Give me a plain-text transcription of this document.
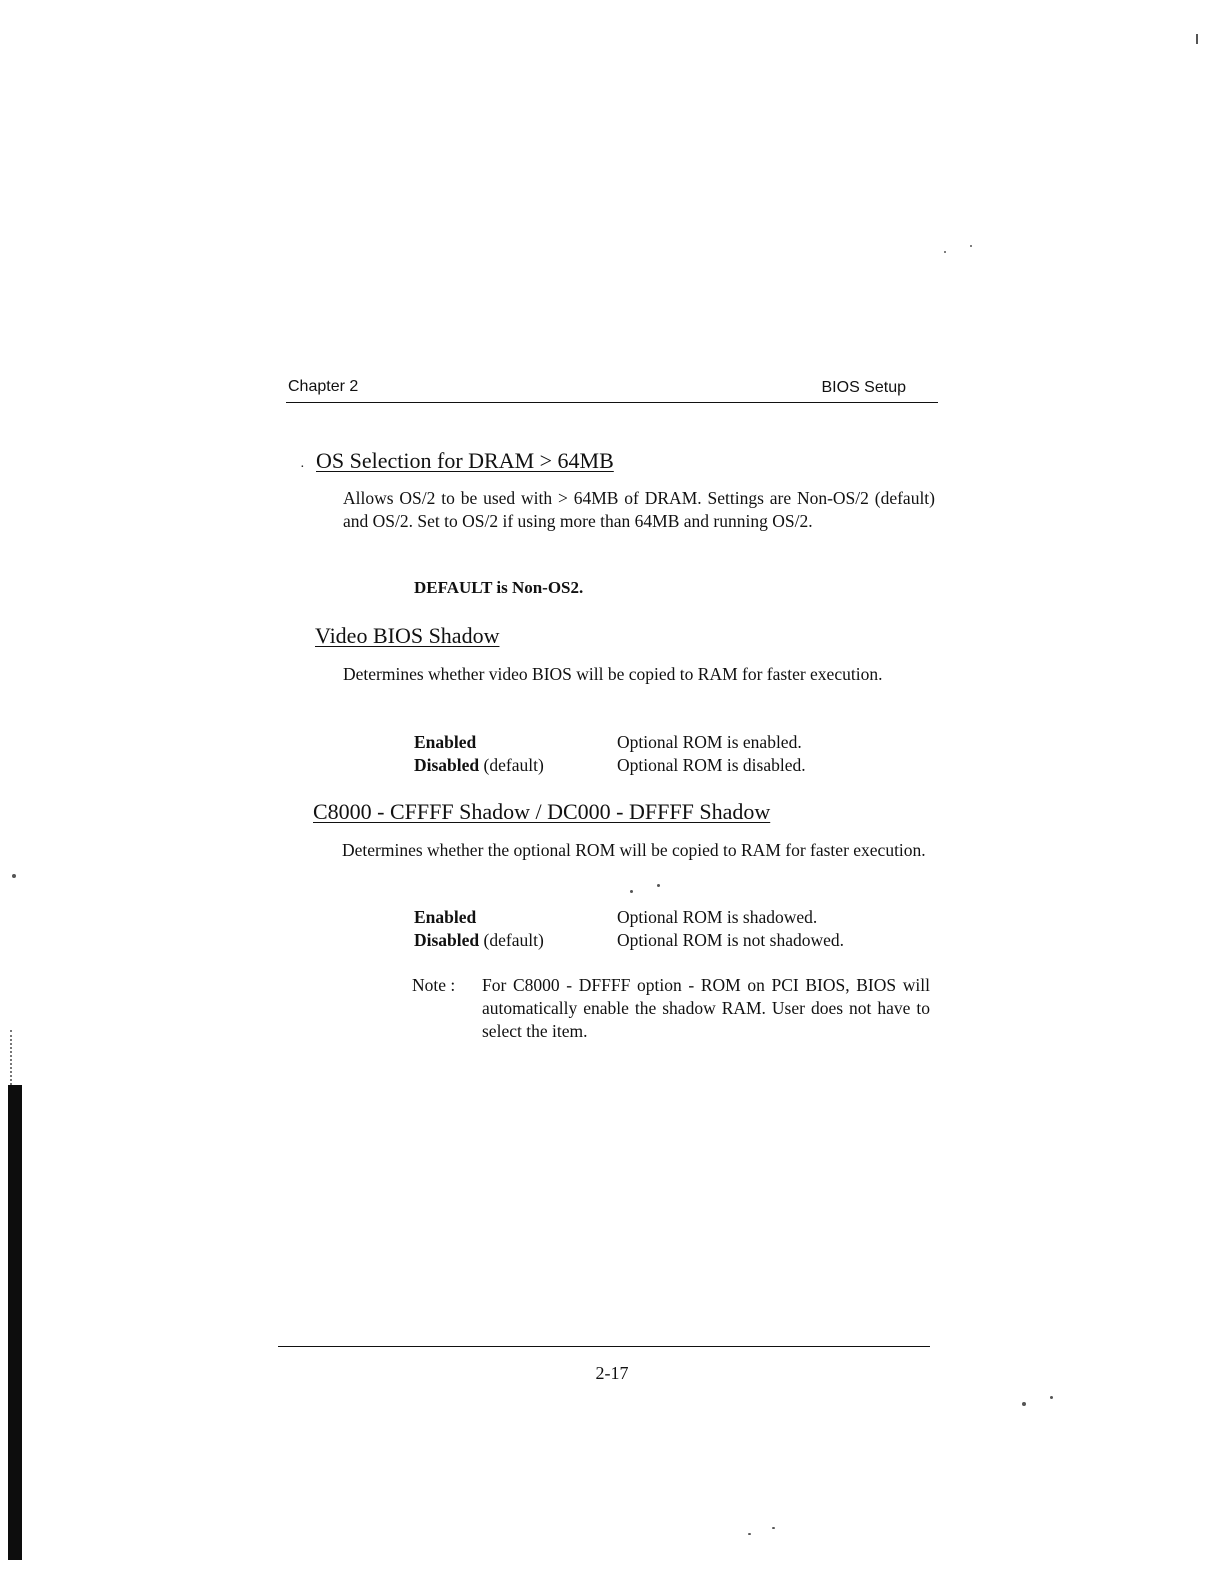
Chapter 2	BIOS Setup
· OS Selection for DRAM > 64MB
Allows OS/2 to be used with > 64MB of DRAM. Settings are Non-OS/2 (default) and OS/2. Set to OS/2 if using more than 64MB and running OS/2.
DEFAULT is Non-OS2.
Video BIOS Shadow
Determines whether video BIOS will be copied to RAM for faster execution.
Enabled	Optional ROM is enabled.
Disabled (default)	Optional ROM is disabled.
C8000 - CFFFF Shadow / DC000 - DFFFF Shadow
Determines whether the optional ROM will be copied to RAM for faster execution.
Enabled	Optional ROM is shadowed.
Disabled (default)	Optional ROM is not shadowed.
Note : For C8000 - DFFFF option - ROM on PCI BIOS, BIOS will automatically enable the shadow RAM. User does not have to select the item.
2-17
